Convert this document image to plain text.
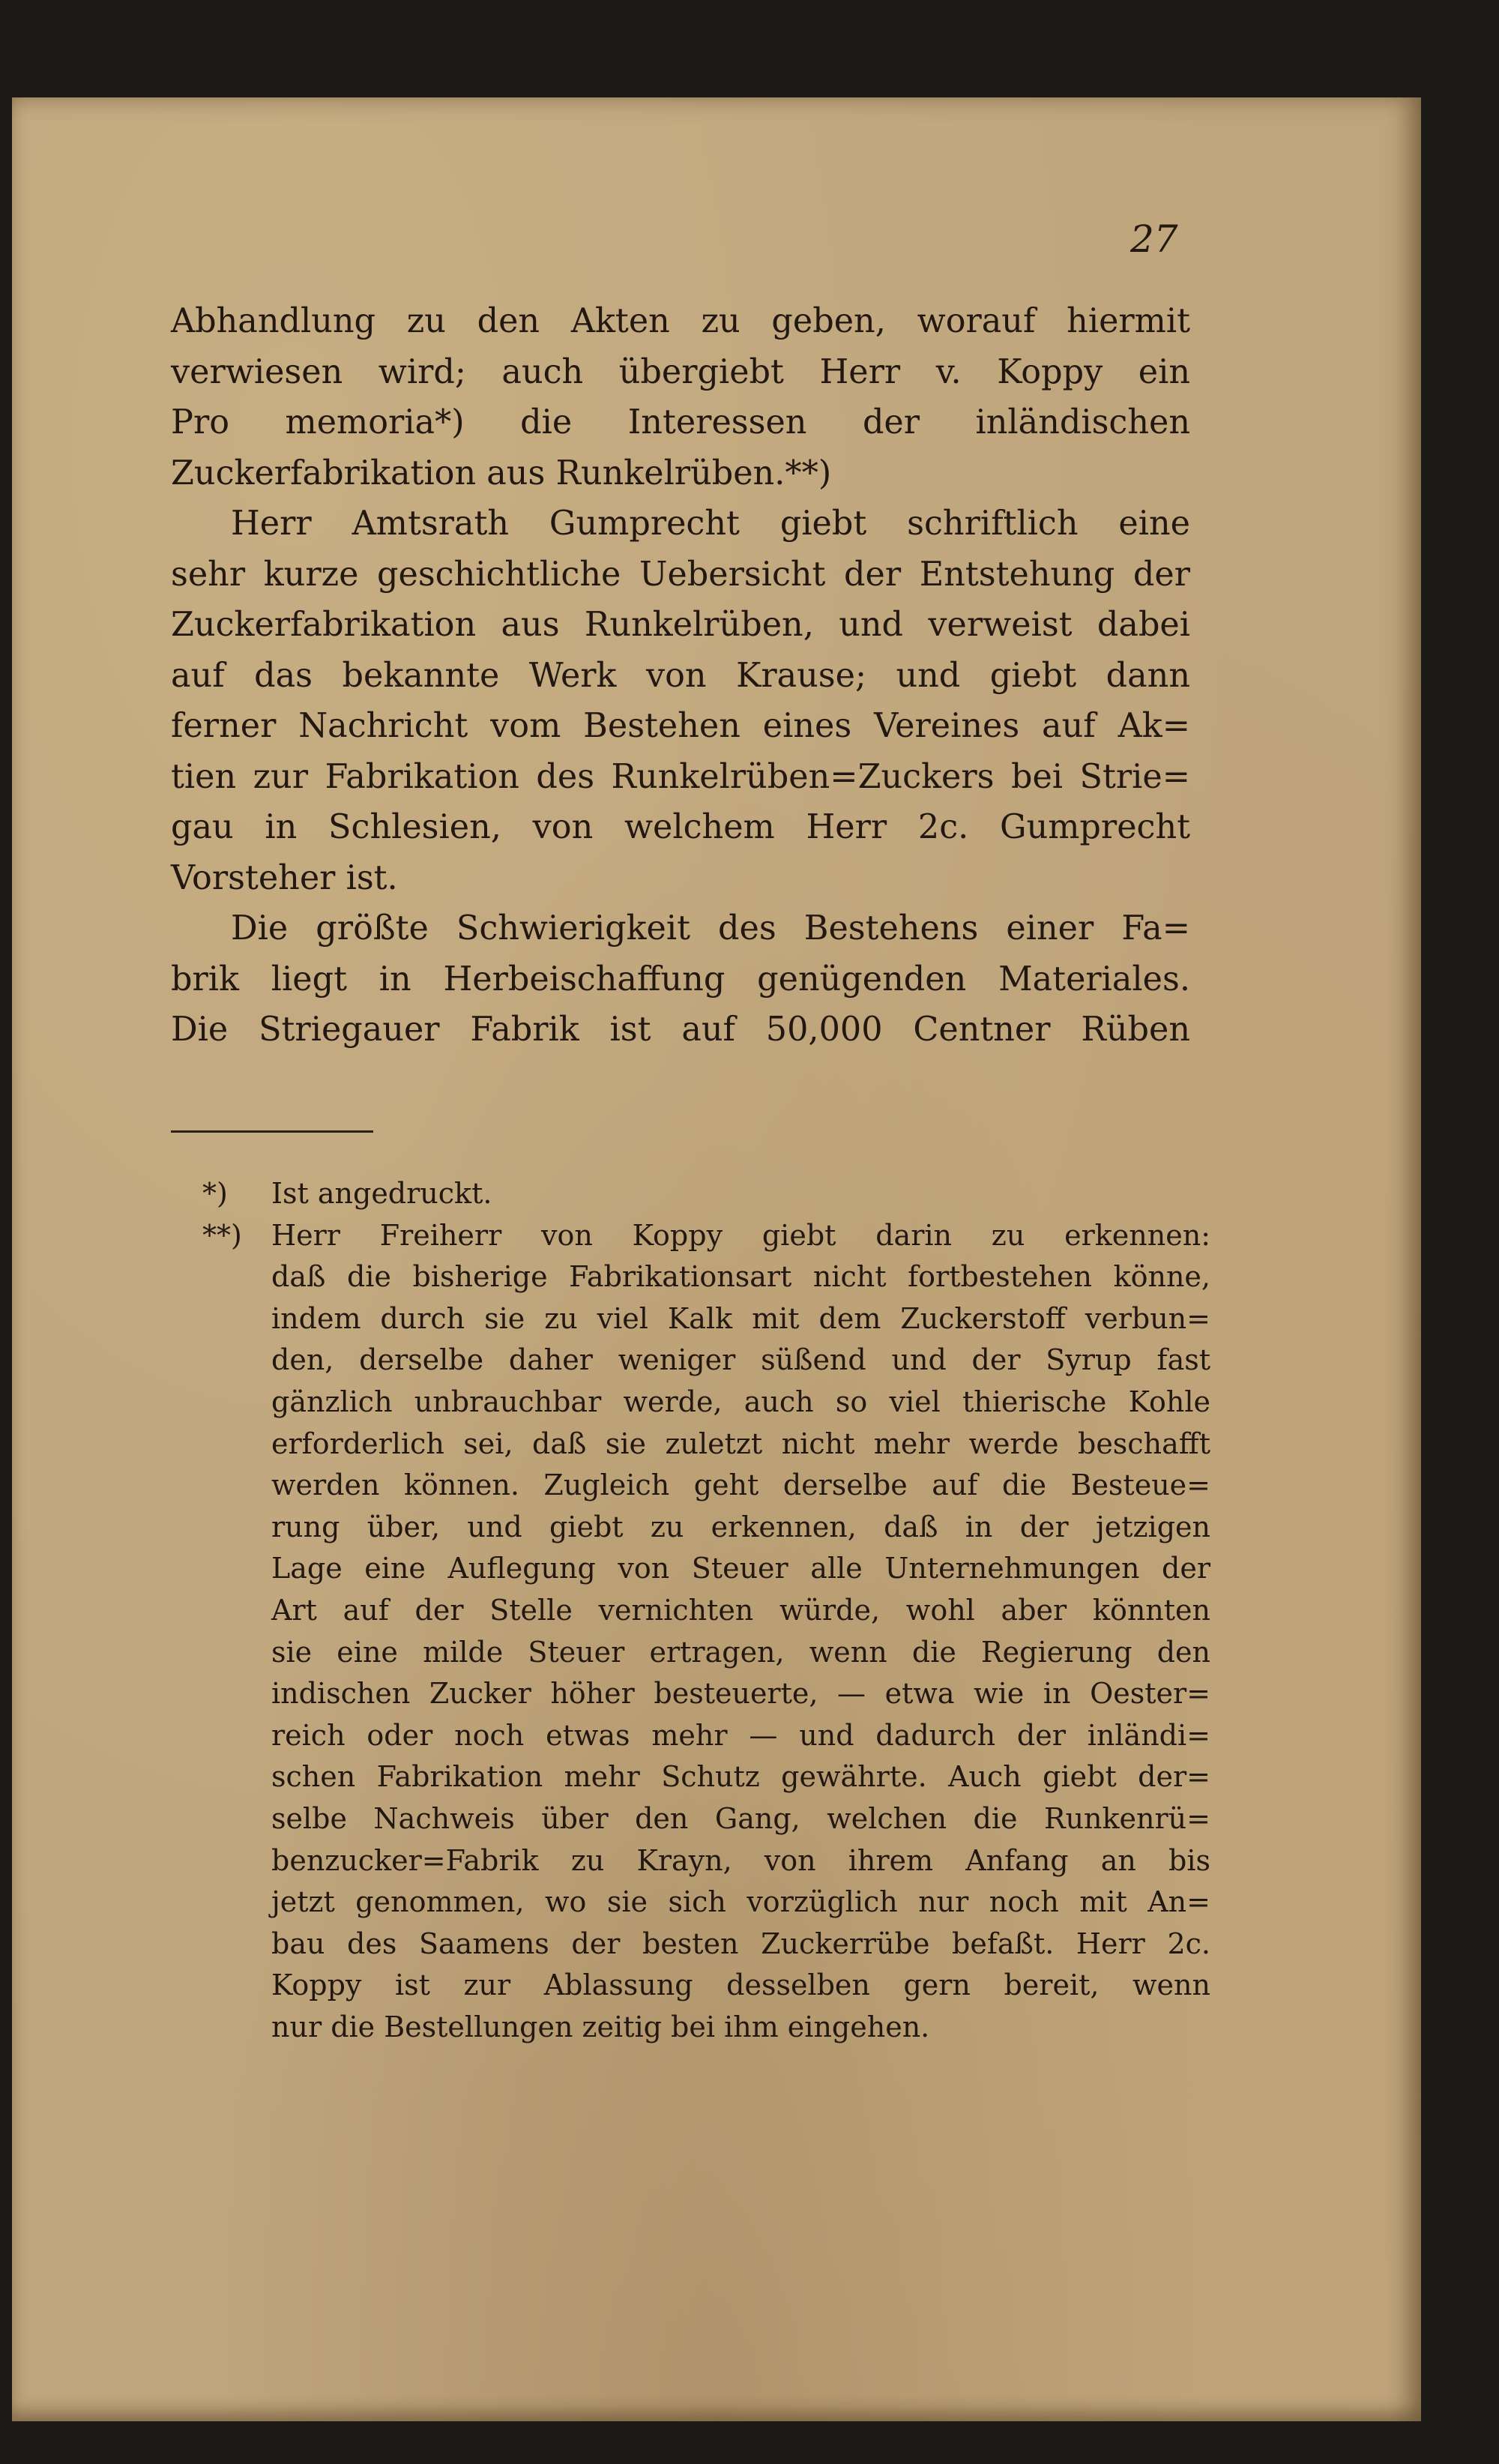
27
Abhandlung zu den Akten zu geben, worauf hiermit
verwiesen wird; auch übergiebt Herr v. Koppy ein
Pro memoria*) die Interessen der inländischen
Zuckerfabrikation aus Runkelrüben.**)
Herr Amtsrath Gumprecht giebt schriftlich eine
sehr kurze geschichtliche Uebersicht der Entstehung der
Zuckerfabrikation aus Runkelrüben, und verweist dabei
auf das bekannte Werk von Krause; und giebt dann
ferner Nachricht vom Bestehen eines Vereines auf Ak=
tien zur Fabrikation des Runkelrüben=Zuckers bei Strie=
gau in Schlesien, von welchem Herr 2c. Gumprecht
Vorsteher ist.
Die größte Schwierigkeit des Bestehens einer Fa=
brik liegt in Herbeischaffung genügenden Materiales.
Die Striegauer Fabrik ist auf 50,000 Centner Rüben
*) Ist angedruckt.
**) Herr Freiherr von Koppy giebt darin zu erkennen:
daß die bisherige Fabrikationsart nicht fortbestehen könne,
indem durch sie zu viel Kalk mit dem Zuckerstoff verbun=
den, derselbe daher weniger süßend und der Syrup fast
gänzlich unbrauchbar werde, auch so viel thierische Kohle
erforderlich sei, daß sie zuletzt nicht mehr werde beschafft
werden können. Zugleich geht derselbe auf die Besteue=
rung über, und giebt zu erkennen, daß in der jetzigen
Lage eine Auflegung von Steuer alle Unternehmungen der
Art auf der Stelle vernichten würde, wohl aber könnten
sie eine milde Steuer ertragen, wenn die Regierung den
indischen Zucker höher besteuerte, — etwa wie in Oester=
reich oder noch etwas mehr — und dadurch der inländi=
schen Fabrikation mehr Schutz gewährte. Auch giebt der=
selbe Nachweis über den Gang, welchen die Runkenrü=
benzucker=Fabrik zu Krayn, von ihrem Anfang an bis
jetzt genommen, wo sie sich vorzüglich nur noch mit An=
bau des Saamens der besten Zuckerrübe befaßt. Herr 2c.
Koppy ist zur Ablassung desselben gern bereit, wenn
nur die Bestellungen zeitig bei ihm eingehen.
